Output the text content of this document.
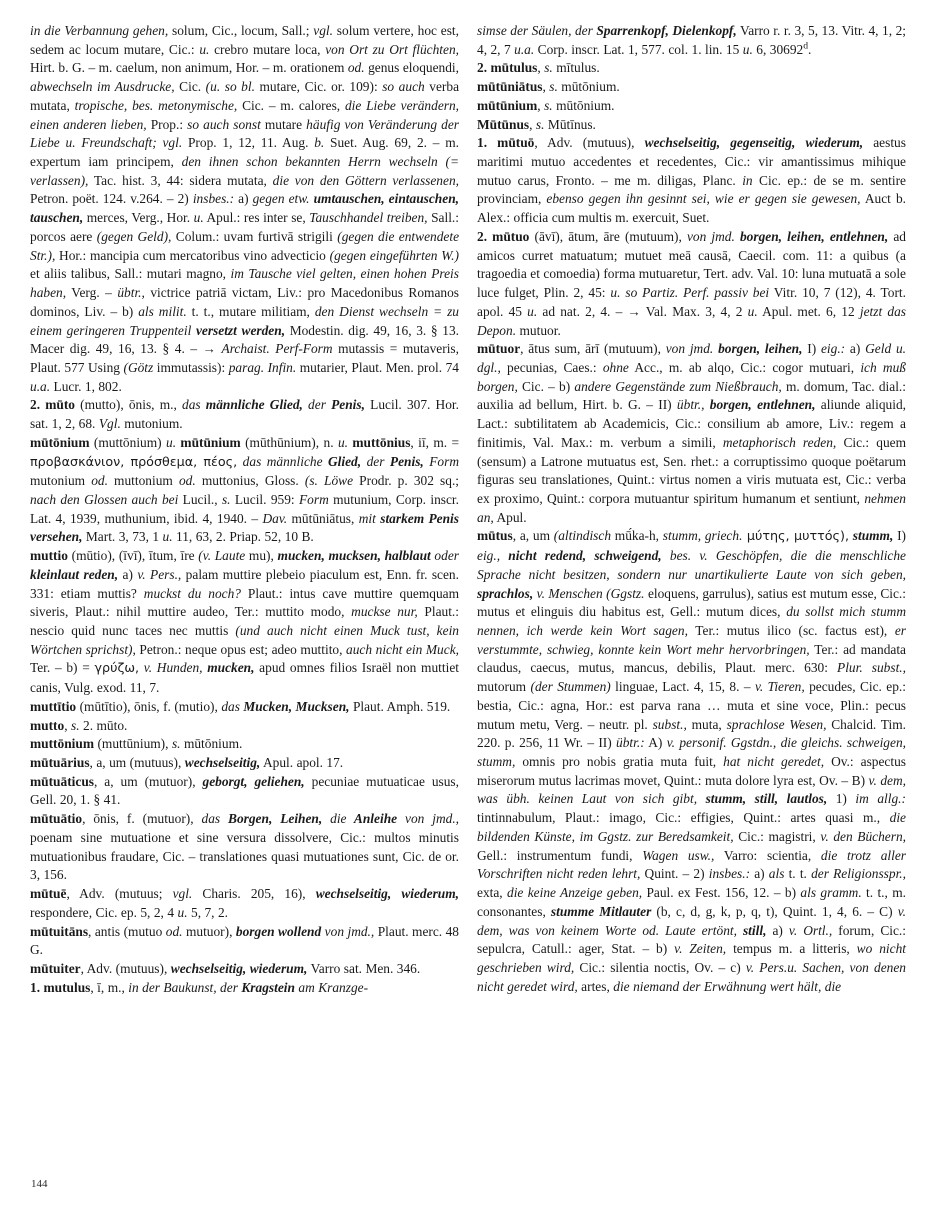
in die Verbannung gehen, solum, Cic., locum, Sall.; vgl. solum vertere, hoc est, sedem ac locum mutare, Cic.: u. crebro mutare loca, von Ort zu Ort flüchten, Hirt. b. G. – m. caelum, non animum, Hor. – m. orationem od. genus eloquendi, abwechseln im Ausdrucke, Cic. (u. so bl. mutare, Cic. or. 109): so auch verba mutata, tropische, bes. metonymische, Cic. – m. calores, die Liebe verändern, einen anderen lieben, Prop.: so auch sonst mutare häufig von Veränderung der Liebe u. Freundschaft; vgl. Prop. 1, 12, 11. Aug. b. Suet. Aug. 69, 2. – m. expertum iam principem, den ihnen schon bekannten Herrn wechseln (= verlassen), Tac. hist. 3, 44: sidera mutata, die von den Göttern verlassenen, Petron. poët. 124. v.264. – 2) insbes.: a) gegen etw. umtauschen, eintauschen, tauschen, merces, Verg., Hor. u. Apul.: res inter se, Tauschhandel treiben, Sall.: porcos aere (gegen Geld), Colum.: uvam furtivā strigili (gegen die entwendete Str.), Hor.: mancipia cum mercatoribus vino advecticio (gegen eingeführten W.) et aliis talibus, Sall.: mutari magno, im Tausche viel gelten, einen hohen Preis haben, Verg. – übtr., victrice patriā victam, Liv.: pro Macedonibus Romanos dominos, Liv. – b) als milit. t. t., mutare militiam, den Dienst wechseln = zu einem geringeren Truppenteil versetzt werden, Modestin. dig. 49, 16, 3. § 13. Macer dig. 49, 16, 13. § 4. – → Archaist. Perf-Form mutassis = mutaveris, Plaut. 577 Using (Götz immutassis): parag. Infin. mutarier, Plaut. Men. prol. 74 u.a. Lucr. 1, 802.

2. mūto (mutto), ōnis, m., das männliche Glied, der Penis, Lucil. 307. Hor. sat. 1, 2, 68. Vgl. mutonium.

mūtōnium (muttōnium) u. mūtūnium (mūthūnium), n. u. muttōnius, iī, m. = προβασκάνιον, πρόσθεμα, πέος, das männliche Glied, der Penis, Form mutonium od. muttonium od. muttonius, Gloss. (s. Löwe Prodr. p. 302 sq.; nach den Glossen auch bei Lucil., s. Lucil. 959: Form mutunium, Corp. inscr. Lat. 4, 1939, muthunium, ibid. 4, 1940. – Dav. mūtūniātus, mit starkem Penis versehen, Mart. 3, 73, 1 u. 11, 63, 2. Priap. 52, 10 B.

muttio (mūtio), (īvī), ītum, īre (v. Laute mu), mucken, mucksen, halblaut oder kleinlaut reden, a) v. Pers., palam muttire plebeio piaculum est, Enn. fr. scen. 331: etiam muttis? muckst du noch? Plaut.: intus cave muttire quemquam siveris, Plaut.: nihil muttire audeo, Ter.: muttito modo, muckse nur, Plaut.: nescio quid nunc taces nec muttis (und auch nicht einen Muck tust, kein Wörtchen sprichst), Petron.: neque opus est; adeo muttito, auch nicht ein Muck, Ter. – b) = γρύζω, v. Hunden, mucken, apud omnes filios Israël non muttiet canis, Vulg. exod. 11, 7.

muttītio (mūtītio), ōnis, f. (mutio), das Mucken, Mucksen, Plaut. Amph. 519.

mutto, s. 2. mūto.

muttōnium (muttūnium), s. mūtōnium.

mūtuārius, a, um (mutuus), wechselseitig, Apul. apol. 17.

mūtuāticus, a, um (mutuor), geborgt, geliehen, pecuniae mutuaticae usus, Gell. 20, 1. § 41.

mūtuātio, ōnis, f. (mutuor), das Borgen, Leihen, die Anleihe von jmd., poenam sine mutuatione et sine versura dissolvere, Cic.: multos minutis mutuationibus fraudare, Cic. – translationes quasi mutuationes sunt, Cic. de or. 3, 156.

mūtuē, Adv. (mutuus; vgl. Charis. 205, 16), wechselseitig, wiederum, respondere, Cic. ep. 5, 2, 4 u. 5, 7, 2.

mūtuitāns, antis (mutuo od. mutuor), borgen wollend von jmd., Plaut. merc. 48 G.

mūtuiter, Adv. (mutuus), wechselseitig, wiederum, Varro sat. Men. 346.

1. mutulus, ī, m., in der Baukunst, der Kragstein am Kranzge-

simse der Säulen, der Sparrenkopf, Dielenkopf, Varro r. r. 3, 5, 13. Vitr. 4, 1, 2; 4, 2, 7 u.a. Corp. inscr. Lat. 1, 577. col. 1. lin. 15 u. 6, 30692$^d$.

2. mūtulus, s. mītulus.

mūtūniātus, s. mūtōnium.

mūtūnium, s. mūtōnium.

Mūtūnus, s. Mūtīnus.

1. mūtuō, Adv. (mutuus), wechselseitig, gegenseitig, wiederum, aestus maritimi mutuo accedentes et recedentes, Cic.: vir amantissimus mihique mutuo carus, Fronto. – me m. diligas, Planc. in Cic. ep.: de se m. sentire provinciam, ebenso gegen ihn gesinnt sei, wie er gegen sie gewesen, Auct b. Alex.: officia cum multis m. exercuit, Suet.

2. mūtuo (āvī), ātum, āre (mutuum), von jmd. borgen, leihen, entlehnen, ad amicos curret matuatum; mutuet meā causā, Caecil. com. 11: a quibus (a tragoedia et comoedia) forma mutuaretur, Tert. adv. Val. 10: luna mutuatā a sole luce fulget, Plin. 2, 45: u. so Partiz. Perf. passiv bei Vitr. 10, 7 (12), 4. Tort. apol. 45 u. ad nat. 2, 4. – → Val. Max. 3, 4, 2 u. Apul. met. 6, 12 jetzt das Depon. mutuor.

mūtuor, ātus sum, ārī (mutuum), von jmd. borgen, leihen, I) eig.: a) Geld u. dgl., pecunias, Caes.: ohne Acc., m. ab alqo, Cic.: cogor mutuari, ich muß borgen, Cic. – b) andere Gegenstände zum Nießbrauch, m. domum, Tac. dial.: auxilia ad bellum, Hirt. b. G. – II) übtr., borgen, entlehnen, aliunde aliquid, Lact.: subtilitatem ab Academicis, Cic.: consilium ab amore, Liv.: regem a finitimis, Val. Max.: m. verbum a simili, metaphorisch reden, Cic.: quem (sensum) a Latrone mutuatus est, Sen. rhet.: a corruptissimo quoque poëtarum figuras seu translationes, Quint.: virtus nomen a viris mutuata est, Cic.: verba ex proximo, Quint.: corpora mutuantur spiritum humanum et sentiunt, nehmen an, Apul.

mūtus, a, um (altindisch mū́ka-h, stumm, griech. μύτης, μυττός), stumm, I) eig., nicht redend, schweigend, bes. v. Geschöpfen, die die menschliche Sprache nicht besitzen, sondern nur unartikulierte Laute von sich geben, sprachlos, v. Menschen (Ggstz. eloquens, garrulus), satius est mutum esse, Cic.: mutus et elinguis diu habitus est, Gell.: mutum dices, du sollst mich stumm nennen, ich werde kein Wort sagen, Ter.: mutus ilico (sc. factus est), er verstummte, schwieg, konnte kein Wort mehr hervorbringen, Ter.: ad mandata claudus, caecus, mutus, mancus, debilis, Plaut. merc. 630: Plur. subst., mutorum (der Stummen) linguae, Lact. 4, 15, 8. – v. Tieren, pecudes, Cic. ep.: bestia, Cic.: agna, Hor.: est parva rana … muta et sine voce, Plin.: pecus mutum metu, Verg. – neutr. pl. subst., muta, sprachlose Wesen, Chalcid. Tim. 220. p. 256, 11 Wr. – II) übtr.: A) v. personif. Ggstdn., die gleichs. schweigen, stumm, omnis pro nobis gratia muta fuit, hat nicht geredet, Ov.: aspectus miserorum mutus lacrimas movet, Quint.: muta dolore lyra est, Ov. – B) v. dem, was übh. keinen Laut von sich gibt, stumm, still, lautlos, 1) im allg.: tintinnabulum, Plaut.: imago, Cic.: effigies, Quint.: artes quasi m., die bildenden Künste, im Ggstz. zur Beredsamkeit, Cic.: magistri, v. den Büchern, Gell.: instrumentum fundi, Wagen usw., Varro: scientia, die trotz aller Vorschriften nicht reden lehrt, Quint. – 2) insbes.: a) als t. t. der Religionsspr., exta, die keine Anzeige geben, Paul. ex Fest. 156, 12. – b) als gramm. t. t., m. consonantes, stumme Mitlauter (b, c, d, g, k, p, q, t), Quint. 1, 4, 6. – C) v. dem, was von keinem Worte od. Laute ertönt, still, a) v. Ortl., forum, Cic.: sepulcra, Catull.: ager, Stat. – b) v. Zeiten, tempus m. a litteris, wo nicht geschrieben wird, Cic.: silentia noctis, Ov. – c) v. Pers.u. Sachen, von denen nicht geredet wird, artes, die niemand der Erwähnung wert hält, die

144
